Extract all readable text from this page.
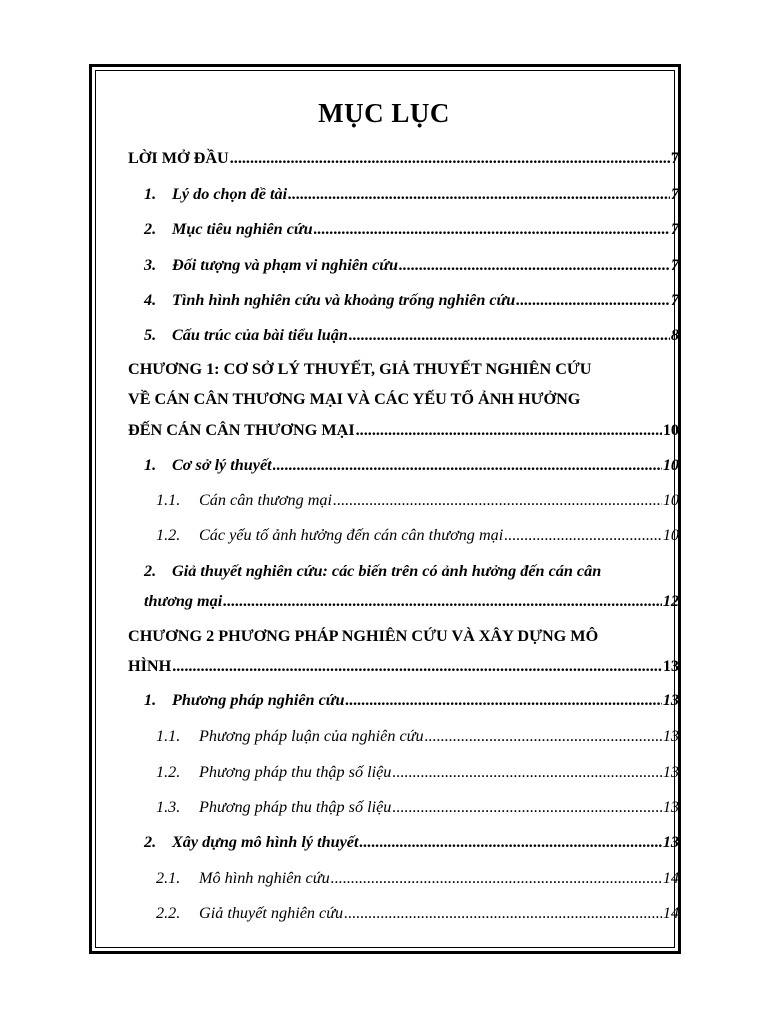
MỤC LỤC
LỜI MỞ ĐẦU .....	7
1. Lý do chọn đề tài .....	7
2. Mục tiêu nghiên cứu .....	7
3. Đối tượng và phạm vi nghiên cứu .....	7
4. Tình hình nghiên cứu và khoảng trống nghiên cứu .....	7
5. Cấu trúc của bài tiểu luận .....	8
CHƯƠNG 1: CƠ SỞ LÝ THUYẾT, GIẢ THUYẾT NGHIÊN CỨU
VỀ CÁN CÂN THƯƠNG MẠI VÀ CÁC YẾU TỐ ẢNH HƯỞNG
ĐẾN CÁN CÂN THƯƠNG MẠI .....	10
1. Cơ sở lý thuyết .....	10
1.1.	Cán cân thương mại .....	10
1.2.	Các yếu tố ảnh hưởng đến cán cân thương mại .....	10
2. Giả thuyết nghiên cứu: các biến trên có ảnh hưởng đến cán cân
thương mại .....	12
CHƯƠNG 2 PHƯƠNG PHÁP NGHIÊN CỨU VÀ XÂY DỰNG MÔ
HÌNH .....	13
1. Phương pháp nghiên cứu .....	13
1.1.	Phương pháp luận của nghiên cứu .....	13
1.2.	Phương pháp thu thập số liệu .....	13
1.3.	Phương pháp thu thập số liệu .....	13
2. Xây dựng mô hình lý thuyết .....	13
2.1.	Mô hình nghiên cứu .....	14
2.2.	Giả thuyết nghiên cứu .....	14
